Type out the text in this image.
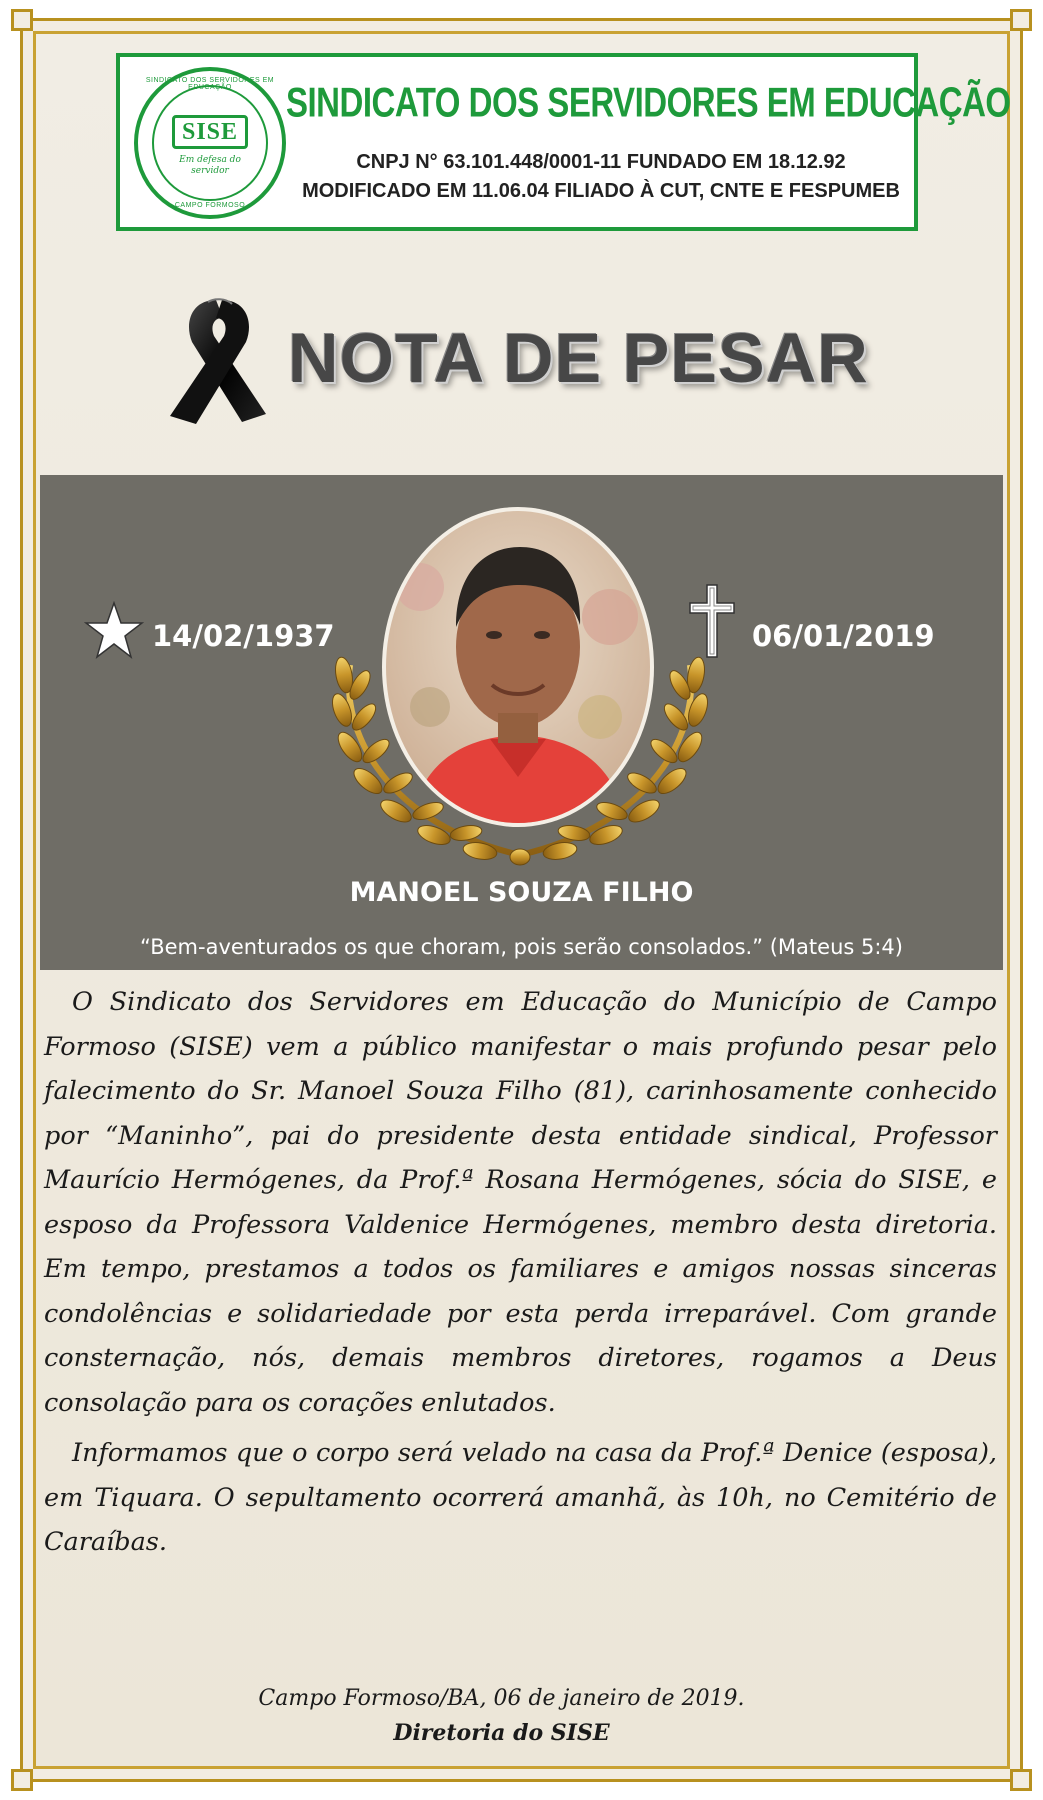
SINDICATO DOS SERVIDORES EM EDUCAÇÃO
SISE
Em defesa do servidor
CAMPO FORMOSO
SINDICATO DOS SERVIDORES EM EDUCAÇÃO
CNPJ N° 63.101.448/0001-11 FUNDADO EM 18.12.92
MODIFICADO EM 11.06.04 FILIADO À CUT, CNTE E FESPUMEB
NOTA DE PESAR
14/02/1937	06/01/2019
MANOEL SOUZA FILHO
“Bem-aventurados os que choram, pois serão consolados.” (Mateus 5:4)

O Sindicato dos Servidores em Educação do Município de Campo Formoso (SISE) vem a público manifestar o mais profundo pesar pelo falecimento do Sr. Manoel Souza Filho (81), carinhosamente conhecido por “Maninho”, pai do presidente desta entidade sindical, Professor Maurício Hermógenes, da Prof.ª Rosana Hermógenes, sócia do SISE, e esposo da Professora Valdenice Hermógenes, membro desta diretoria. Em tempo, prestamos a todos os familiares e amigos nossas sinceras condolências e solidariedade por esta perda irreparável. Com grande consternação, nós, demais membros diretores, rogamos a Deus consolação para os corações enlutados.

Informamos que o corpo será velado na casa da Prof.ª Denice (esposa), em Tiquara. O sepultamento ocorrerá amanhã, às 10h, no Cemitério de Caraíbas.

Campo Formoso/BA, 06 de janeiro de 2019.
Diretoria do SISE
